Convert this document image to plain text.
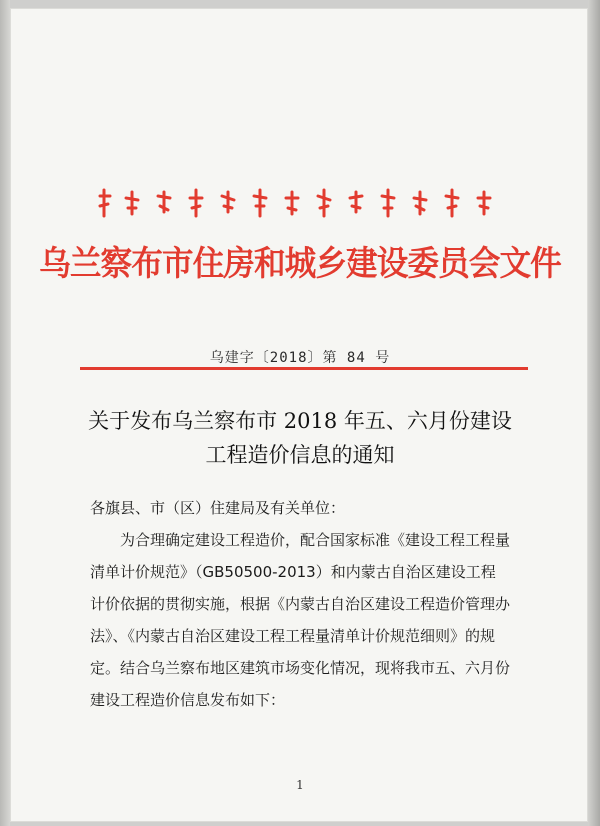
乌兰察布市住房和城乡建设委员会文件
乌建字〔2018〕第 84 号
关于发布乌兰察布市 2018 年五、六月份建设工程造价信息的通知

各旗县、市（区）住建局及有关单位：

为合理确定建设工程造价，配合国家标准《建设工程工程量清单计价规范》（GB50500-2013）和内蒙古自治区建设工程计价依据的贯彻实施，根据《内蒙古自治区建设工程造价管理办法》、《内蒙古自治区建设工程工程量清单计价规范细则》的规定。结合乌兰察布地区建筑市场变化情况，现将我市五、六月份建设工程造价信息发布如下：

1
